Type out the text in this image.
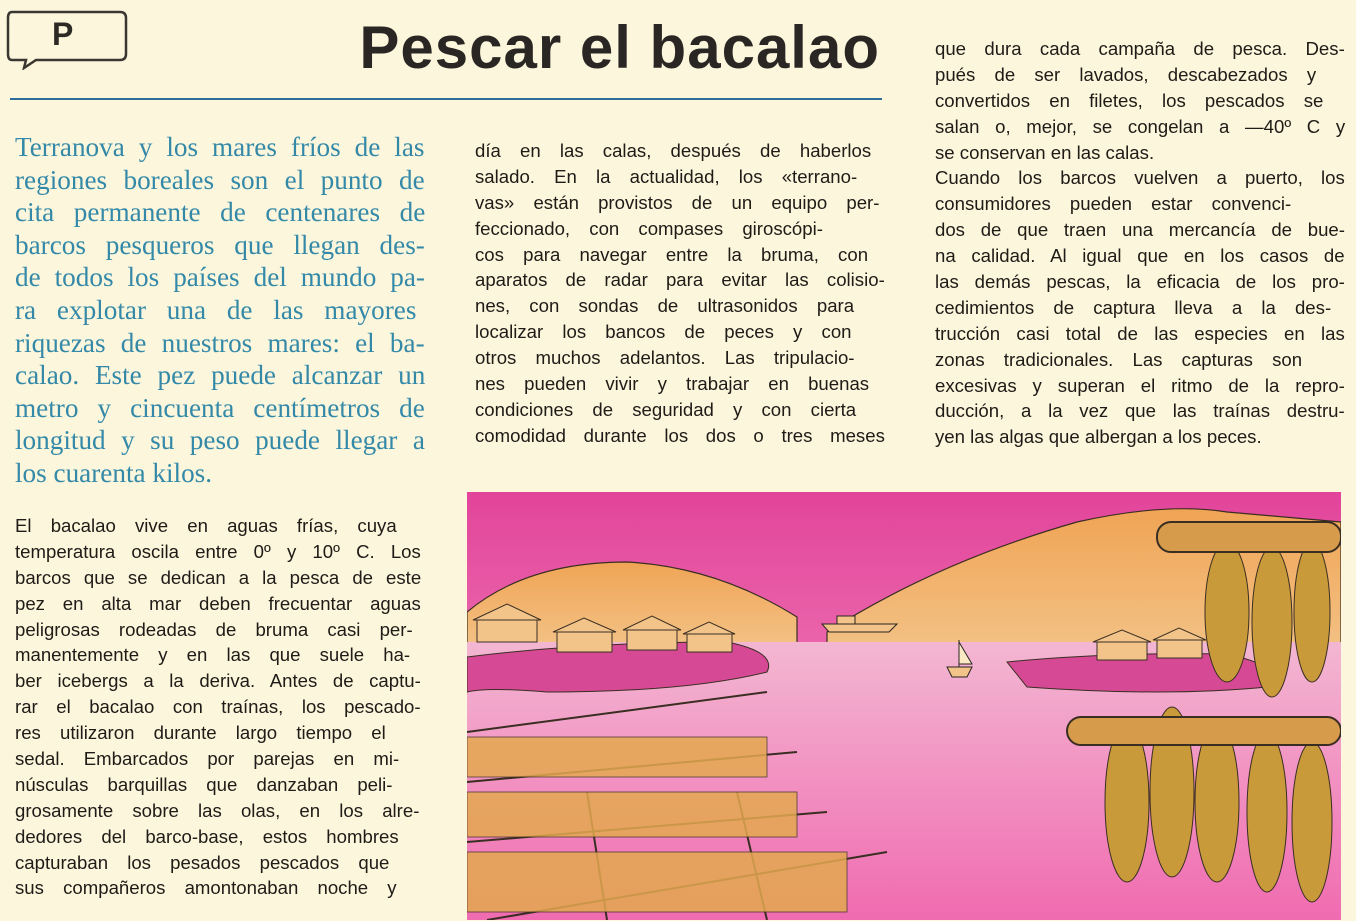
P	Pescar el bacalao
Terranova y los mares fríos de las
regiones boreales son el punto de
cita permanente de centenares de
barcos pesqueros que llegan des-
de todos los países del mundo pa-
ra explotar una de las mayores
riquezas de nuestros mares: el ba-
calao. Este pez puede alcanzar un
metro y cincuenta centímetros de
longitud y su peso puede llegar a
los cuarenta kilos.
El bacalao vive en aguas frías, cuya
temperatura oscila entre 0º y 10º C. Los
barcos que se dedican a la pesca de este
pez en alta mar deben frecuentar aguas
peligrosas rodeadas de bruma casi per-
manentemente y en las que suele ha-
ber icebergs a la deriva. Antes de captu-
rar el bacalao con traínas, los pescado-
res utilizaron durante largo tiempo el
sedal. Embarcados por parejas en mi-
núsculas barquillas que danzaban peli-
grosamente sobre las olas, en los alre-
dedores del barco-base, estos hombres
capturaban los pesados pescados que
sus compañeros amontonaban noche y
día en las calas, después de haberlos
salado. En la actualidad, los «terrano-
vas» están provistos de un equipo per-
feccionado, con compases giroscópi-
cos para navegar entre la bruma, con
aparatos de radar para evitar las colisio-
nes, con sondas de ultrasonidos para
localizar los bancos de peces y con
otros muchos adelantos. Las tripulacio-
nes pueden vivir y trabajar en buenas
condiciones de seguridad y con cierta
comodidad durante los dos o tres meses
que dura cada campaña de pesca. Des-
pués de ser lavados, descabezados y
convertidos en filetes, los pescados se
salan o, mejor, se congelan a —40º C y
se conservan en las calas.
Cuando los barcos vuelven a puerto, los
consumidores pueden estar convenci-
dos de que traen una mercancía de bue-
na calidad. Al igual que en los casos de
las demás pescas, la eficacia de los pro-
cedimientos de captura lleva a la des-
trucción casi total de las especies en las
zonas tradicionales. Las capturas son
excesivas y superan el ritmo de la repro-
ducción, a la vez que las traínas destru-
yen las algas que albergan a los peces.
